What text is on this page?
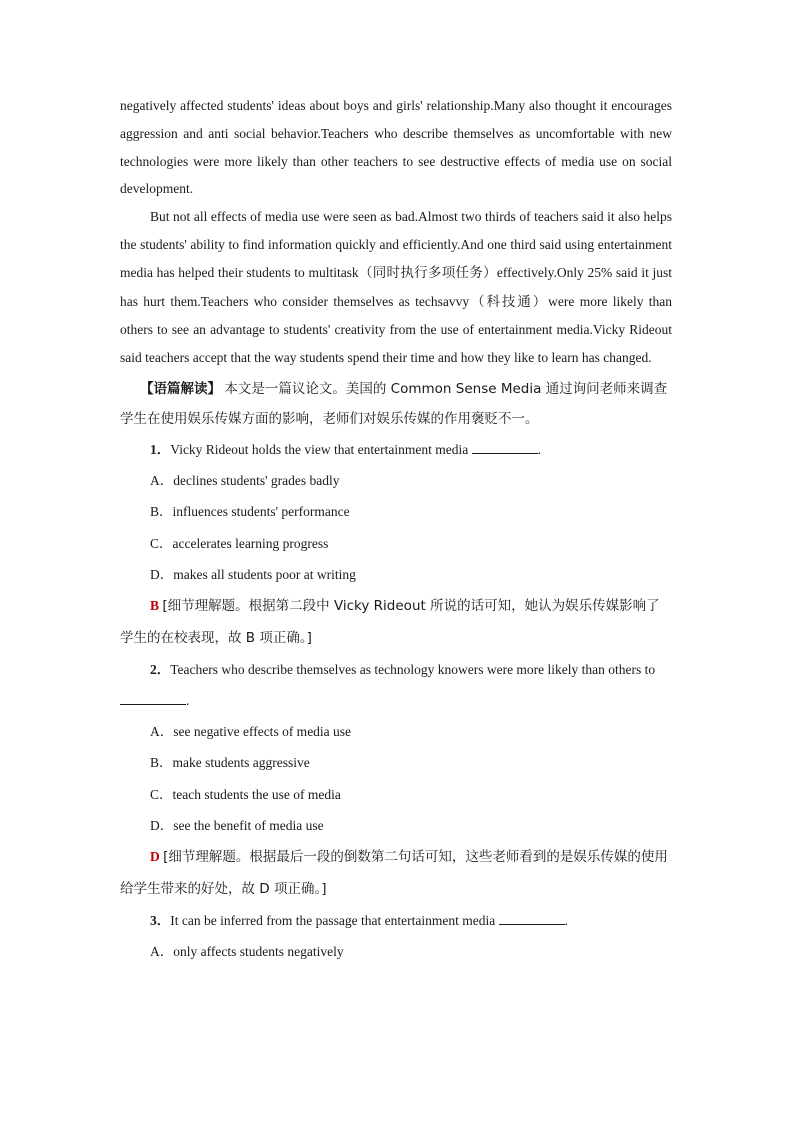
negatively affected students' ideas about boys and girls' relationship.Many also thought it encourages aggression and anti social behavior.Teachers who describe themselves as uncomfortable with new technologies were more likely than other teachers to see destructive effects of media use on social development.

But not all effects of media use were seen as bad.Almost two thirds of teachers said it also helps the students' ability to find information quickly and efficiently.And one third said using entertainment media has helped their students to multitask（同时执行多项任务）effectively.Only 25% said it just has hurt them.Teachers who consider themselves as techsavvy（科技通）were more likely than others to see an advantage to students' creativity from the use of entertainment media.Vicky Rideout said teachers accept that the way students spend their time and how they like to learn has changed.

【语篇解读】 本文是一篇议论文。美国的 Common Sense Media 通过询问老师来调查学生在使用娱乐传媒方面的影响，老师们对娱乐传媒的作用褒贬不一。

1．Vicky Rideout holds the view that entertainment media	.

A．declines students' grades badly

B．influences students' performance

C．accelerates learning progress

D．makes all students poor at writing

B [细节理解题。根据第二段中 Vicky Rideout 所说的话可知，她认为娱乐传媒影响了学生的在校表现，故 B 项正确。]

2．Teachers who describe themselves as technology knowers were more likely than others to .

A．see negative effects of media use

B．make students aggressive

C．teach students the use of media

D．see the benefit of media use

D [细节理解题。根据最后一段的倒数第二句话可知，这些老师看到的是娱乐传媒的使用给学生带来的好处，故 D 项正确。]

3．It can be inferred from the passage that entertainment media	.

A．only affects students negatively
